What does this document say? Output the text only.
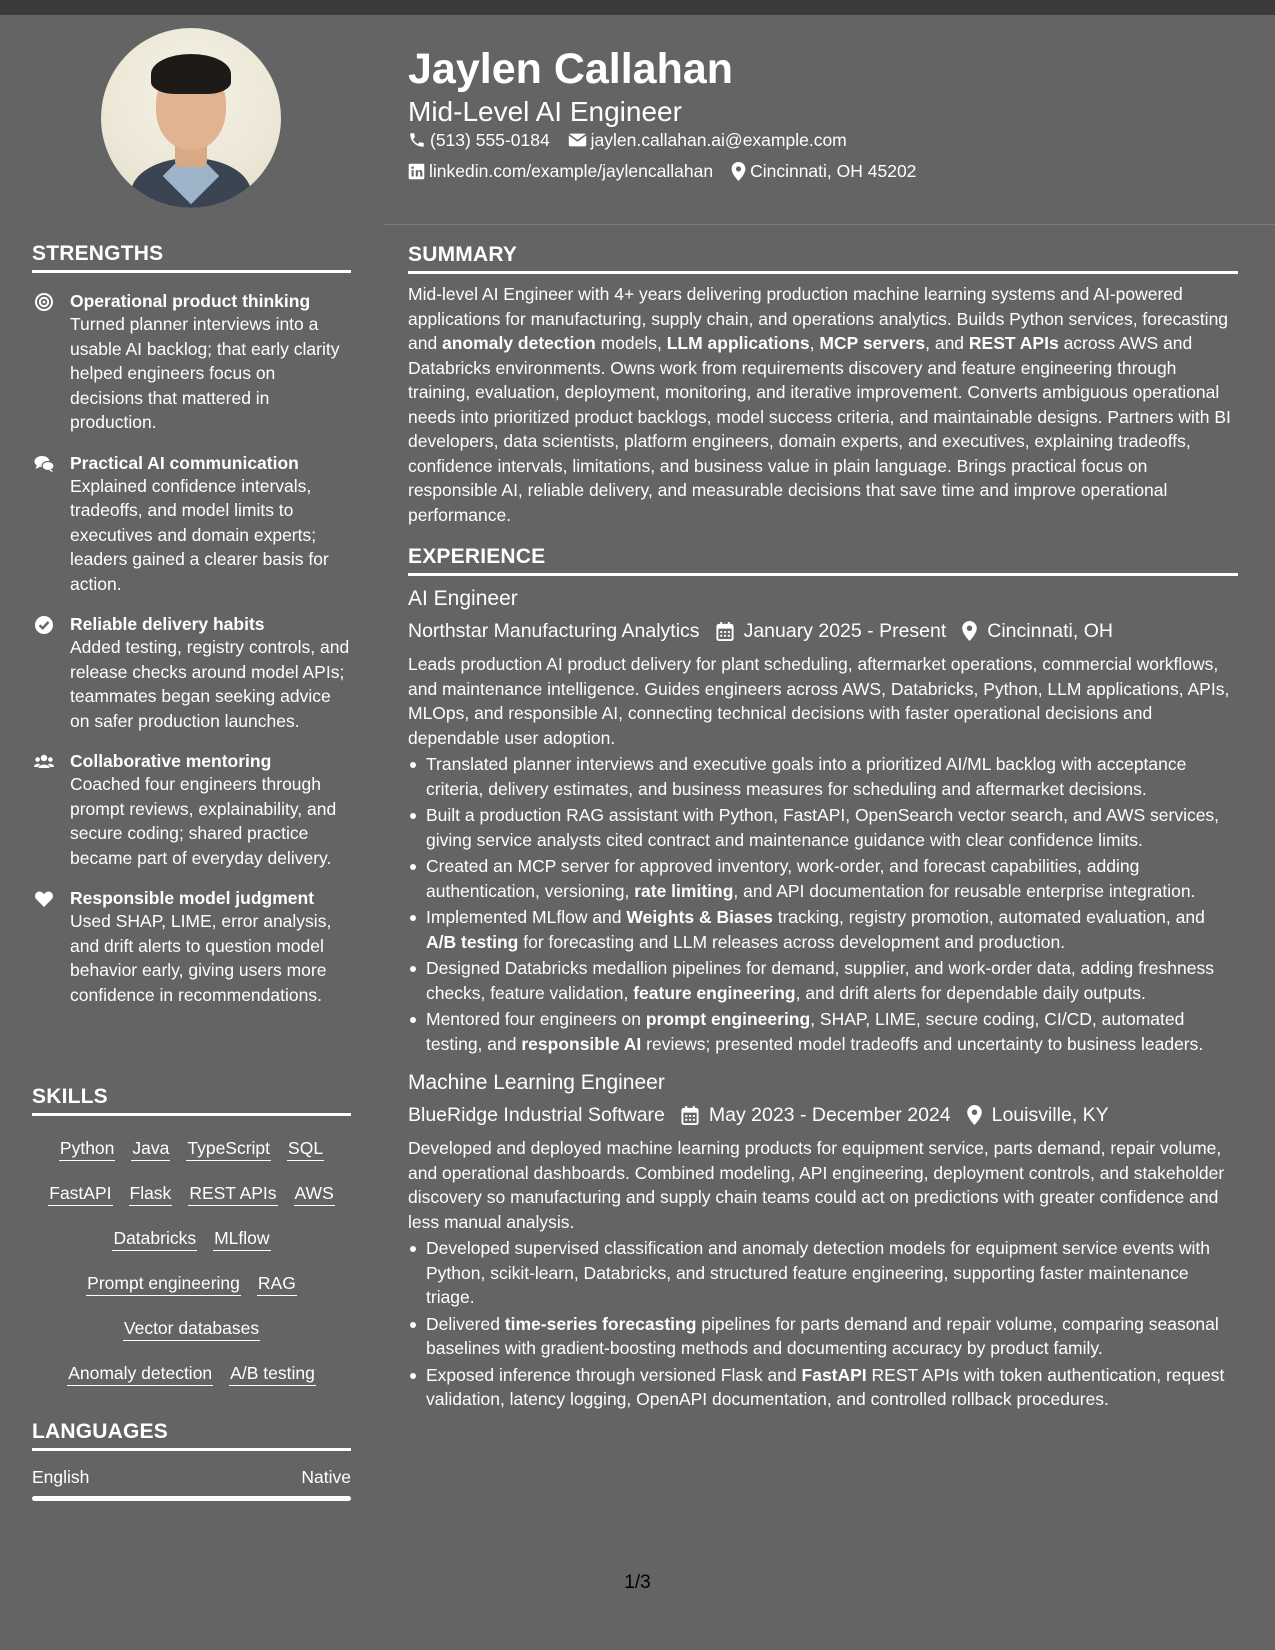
STRENGTHS
Operational product thinking
Turned planner interviews into a usable AI backlog; that early clarity helped engineers focus on decisions that mattered in production.
Practical AI communication
Explained confidence intervals, tradeoffs, and model limits to executives and domain experts; leaders gained a clearer basis for action.
Reliable delivery habits
Added testing, registry controls, and release checks around model APIs; teammates began seeking advice on safer production launches.
Collaborative mentoring
Coached four engineers through prompt reviews, explainability, and secure coding; shared practice became part of everyday delivery.
Responsible model judgment
Used SHAP, LIME, error analysis, and drift alerts to question model behavior early, giving users more confidence in recommendations.
SKILLS
Python Java TypeScript SQL
FastAPI Flask REST APIs AWS
Databricks MLflow
Prompt engineering RAG
Vector databases
Anomaly detection A/B testing
LANGUAGES
English	Native
Jaylen Callahan
Mid-Level AI Engineer
(513) 555-0184 jaylen.callahan.ai@example.com
linkedin.com/example/jaylencallahan Cincinnati, OH 45202
SUMMARY
Mid-level AI Engineer with 4+ years delivering production machine learning systems and AI-powered applications for manufacturing, supply chain, and operations analytics. Builds Python services, forecasting and anomaly detection models, LLM applications, MCP servers, and REST APIs across AWS and Databricks environments. Owns work from requirements discovery and feature engineering through training, evaluation, deployment, monitoring, and iterative improvement. Converts ambiguous operational needs into prioritized product backlogs, model success criteria, and maintainable designs. Partners with BI developers, data scientists, platform engineers, domain experts, and executives, explaining tradeoffs, confidence intervals, limitations, and business value in plain language. Brings practical focus on responsible AI, reliable delivery, and measurable decisions that save time and improve operational performance.
EXPERIENCE
AI Engineer
Northstar Manufacturing Analytics January 2025 - Present Cincinnati, OH
Leads production AI product delivery for plant scheduling, aftermarket operations, commercial workflows, and maintenance intelligence. Guides engineers across AWS, Databricks, Python, LLM applications, APIs, MLOps, and responsible AI, connecting technical decisions with faster operational decisions and dependable user adoption.
Translated planner interviews and executive goals into a prioritized AI/ML backlog with acceptance criteria, delivery estimates, and business measures for scheduling and aftermarket decisions.
Built a production RAG assistant with Python, FastAPI, OpenSearch vector search, and AWS services, giving service analysts cited contract and maintenance guidance with clear confidence limits.
Created an MCP server for approved inventory, work-order, and forecast capabilities, adding authentication, versioning, rate limiting, and API documentation for reusable enterprise integration.
Implemented MLflow and Weights & Biases tracking, registry promotion, automated evaluation, and A/B testing for forecasting and LLM releases across development and production.
Designed Databricks medallion pipelines for demand, supplier, and work-order data, adding freshness checks, feature validation, feature engineering, and drift alerts for dependable daily outputs.
Mentored four engineers on prompt engineering, SHAP, LIME, secure coding, CI/CD, automated testing, and responsible AI reviews; presented model tradeoffs and uncertainty to business leaders.
Machine Learning Engineer
BlueRidge Industrial Software May 2023 - December 2024 Louisville, KY
Developed and deployed machine learning products for equipment service, parts demand, repair volume, and operational dashboards. Combined modeling, API engineering, deployment controls, and stakeholder discovery so manufacturing and supply chain teams could act on predictions with greater confidence and less manual analysis.
Developed supervised classification and anomaly detection models for equipment service events with Python, scikit-learn, Databricks, and structured feature engineering, supporting faster maintenance triage.
Delivered time-series forecasting pipelines for parts demand and repair volume, comparing seasonal baselines with gradient-boosting methods and documenting accuracy by product family.
Exposed inference through versioned Flask and FastAPI REST APIs with token authentication, request validation, latency logging, OpenAPI documentation, and controlled rollback procedures.
1/3
